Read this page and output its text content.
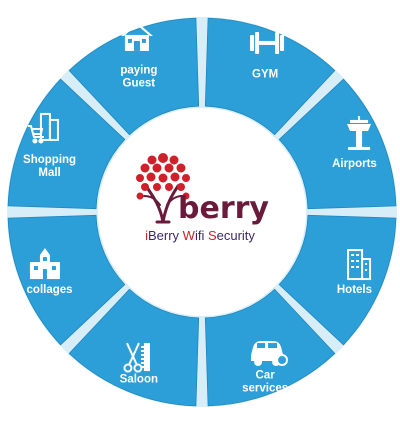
GYM
Airports
Hotels
Car
services
Saloon
collages
Shopping
Mall
paying
Guest
berry
iBerry Wifi Security
